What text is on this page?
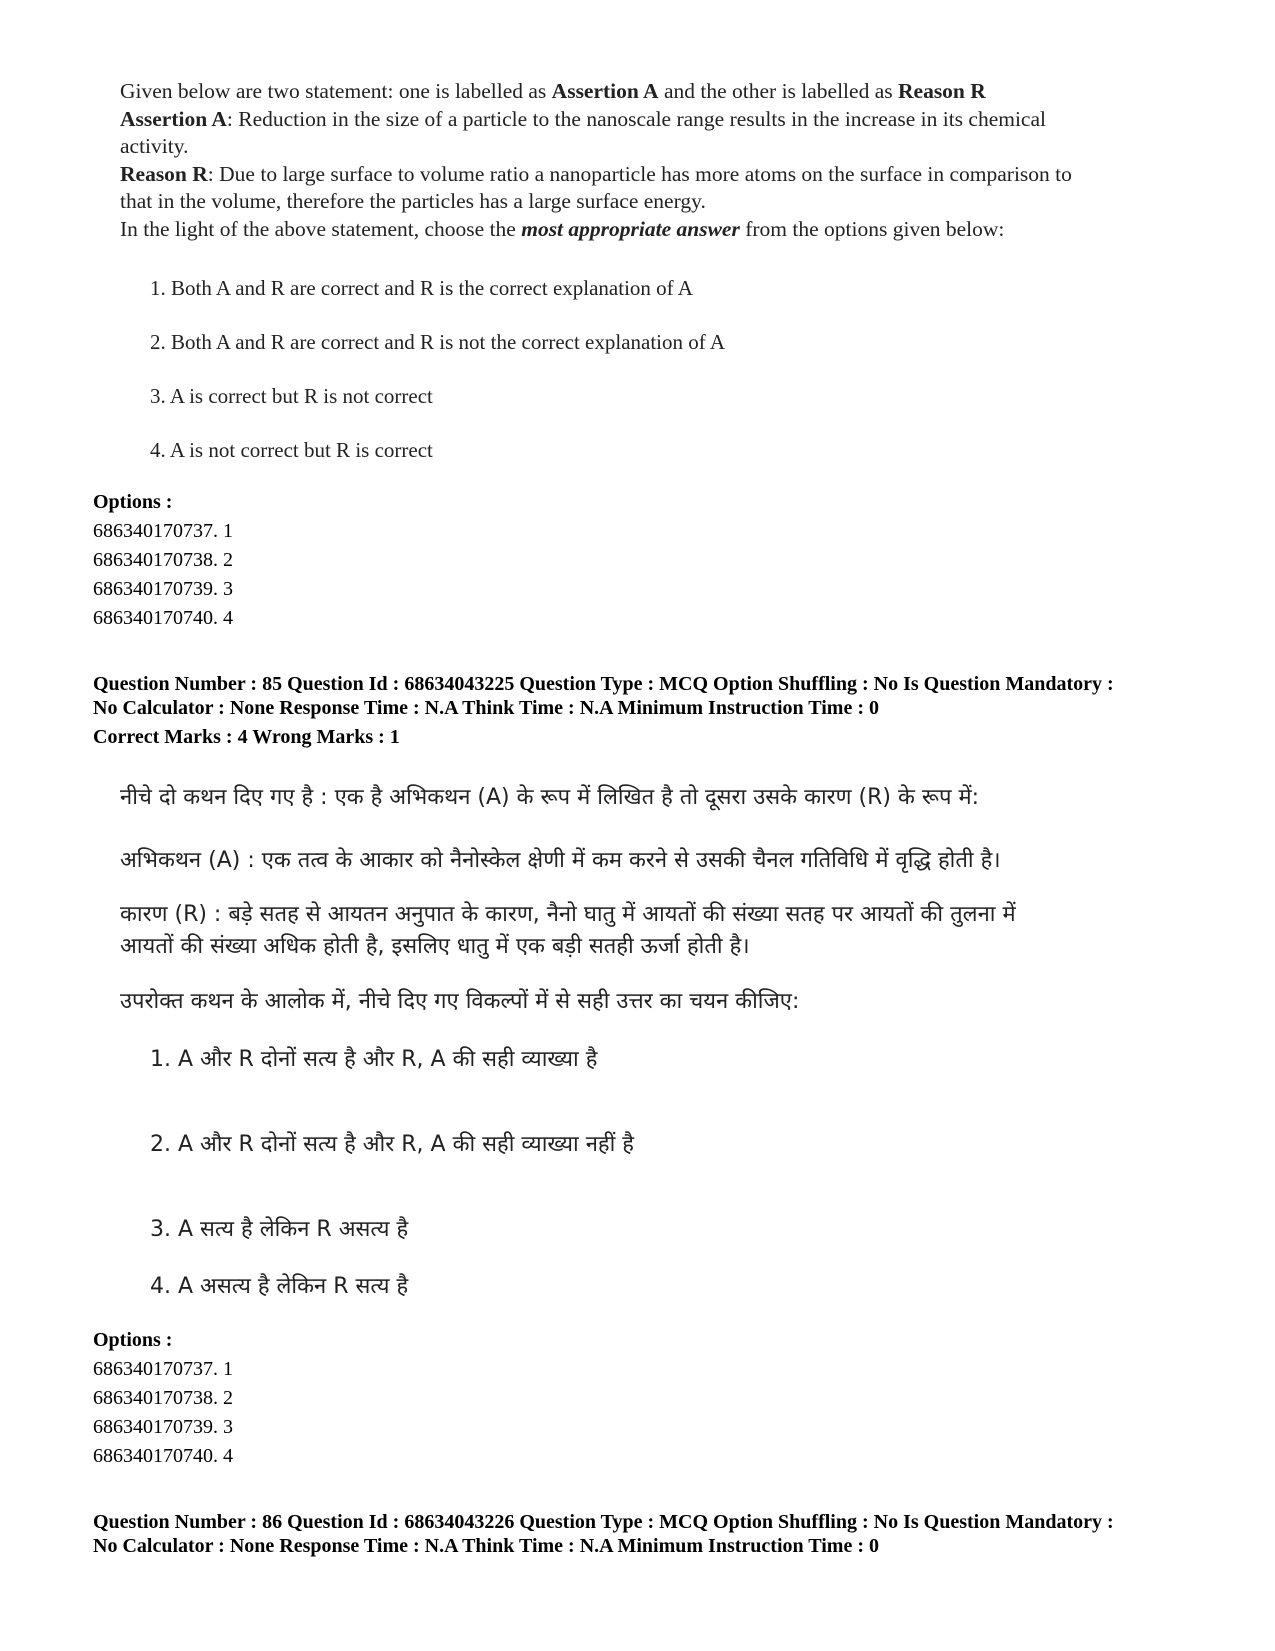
Given below are two statement: one is labelled as Assertion A and the other is labelled as Reason R
Assertion A: Reduction in the size of a particle to the nanoscale range results in the increase in its chemical
activity.
Reason R: Due to large surface to volume ratio a nanoparticle has more atoms on the surface in comparison to
that in the volume, therefore the particles has a large surface energy.
In the light of the above statement, choose the most appropriate answer from the options given below:
1. Both A and R are correct and R is the correct explanation of A
2. Both A and R are correct and R is not the correct explanation of A
3. A is correct but R is not correct
4. A is not correct but R is correct
Options :
686340170737. 1
686340170738. 2
686340170739. 3
686340170740. 4
Question Number : 85 Question Id : 68634043225 Question Type : MCQ Option Shuffling : No Is Question Mandatory :
No Calculator : None Response Time : N.A Think Time : N.A Minimum Instruction Time : 0
Correct Marks : 4 Wrong Marks : 1
नीचे दो कथन दिए गए है : एक है अभिकथन (A) के रूप में लिखित है तो दूसरा उसके कारण (R) के रूप में:
अभिकथन (A) : एक तत्व के आकार को नैनोस्केल क्षेणी में कम करने से उसकी चैनल गतिविधि में वृद्धि होती है।
कारण (R) : बड़े सतह से आयतन अनुपात के कारण, नैनो घातु में आयतों की संख्या सतह पर आयतों की तुलना में
आयतों की संख्या अधिक होती है, इसलिए धातु में एक बड़ी सतही ऊर्जा होती है।
उपरोक्त कथन के आलोक में, नीचे दिए गए विकल्पों में से सही उत्तर का चयन कीजिए:
1. A और R दोनों सत्य है और R, A की सही व्याख्या है
2. A और R दोनों सत्य है और R, A की सही व्याख्या नहीं है
3. A सत्य है लेकिन R असत्य है
4. A असत्य है लेकिन R सत्य है
Options :
686340170737. 1
686340170738. 2
686340170739. 3
686340170740. 4
Question Number : 86 Question Id : 68634043226 Question Type : MCQ Option Shuffling : No Is Question Mandatory :
No Calculator : None Response Time : N.A Think Time : N.A Minimum Instruction Time : 0
